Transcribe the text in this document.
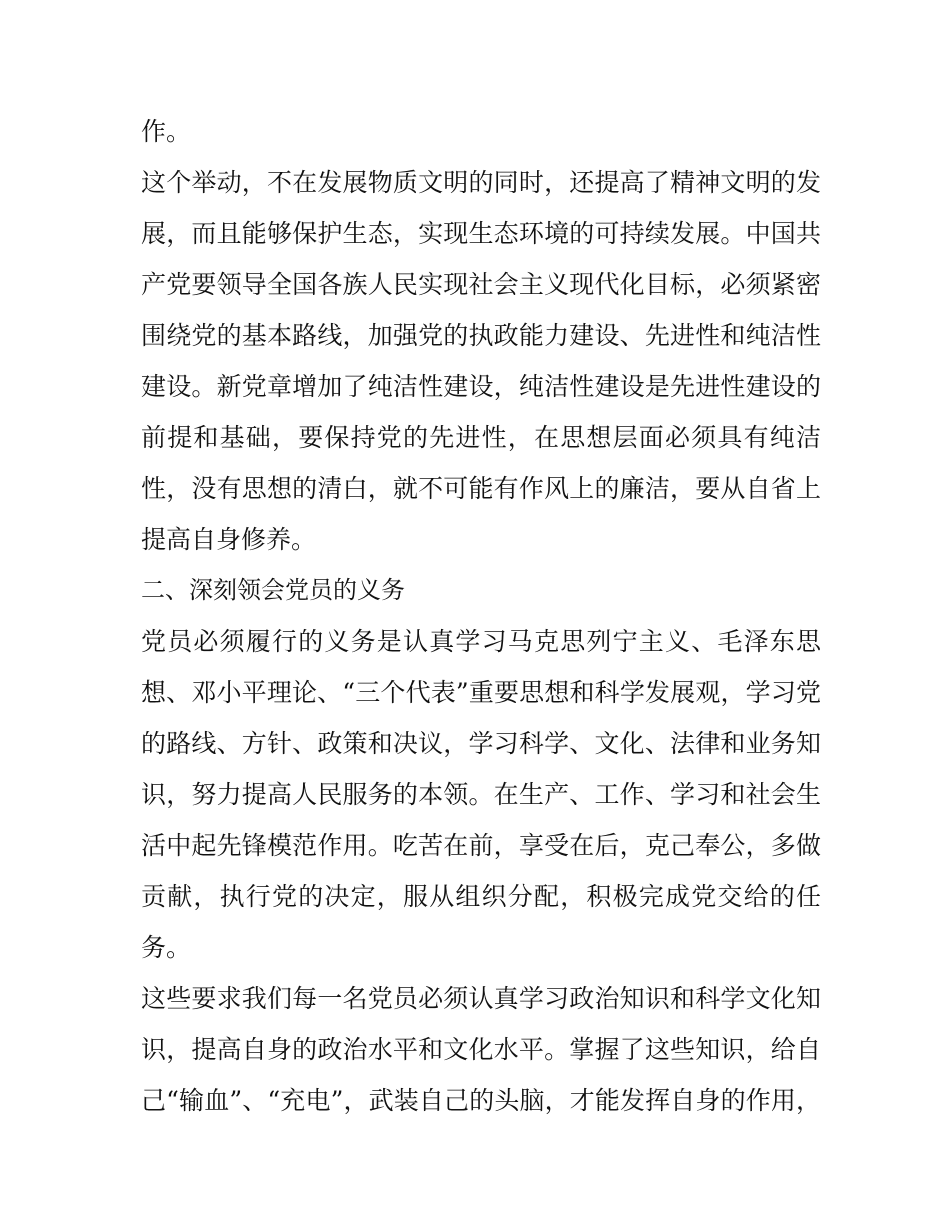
作。
这个举动，不在发展物质文明的同时，还提高了精神文明的发
展，而且能够保护生态，实现生态环境的可持续发展。中国共
产党要领导全国各族人民实现社会主义现代化目标，必须紧密
围绕党的基本路线，加强党的执政能力建设、先进性和纯洁性
建设。新党章增加了纯洁性建设，纯洁性建设是先进性建设的
前提和基础，要保持党的先进性，在思想层面必须具有纯洁
性，没有思想的清白，就不可能有作风上的廉洁，要从自省上
提高自身修养。
二、深刻领会党员的义务
党员必须履行的义务是认真学习马克思列宁主义、毛泽东思
想、邓小平理论、“三个代表”重要思想和科学发展观，学习党
的路线、方针、政策和决议，学习科学、文化、法律和业务知
识，努力提高人民服务的本领。在生产、工作、学习和社会生
活中起先锋模范作用。吃苦在前，享受在后，克己奉公，多做
贡献，执行党的决定，服从组织分配，积极完成党交给的任
务。
这些要求我们每一名党员必须认真学习政治知识和科学文化知
识，提高自身的政治水平和文化水平。掌握了这些知识，给自
己“输血”、“充电”，武装自己的头脑，才能发挥自身的作用，
